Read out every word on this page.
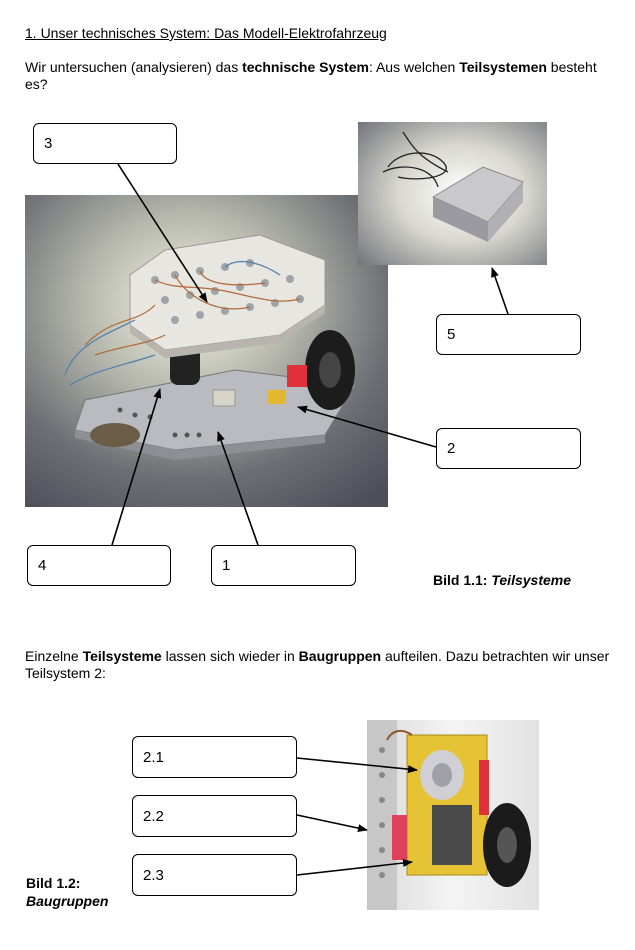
1. Unser technisches System: Das Modell-Elektrofahrzeug
Wir untersuchen (analysieren) das technische System: Aus welchen Teilsystemen besteht es?
3
5
2
4	1
Bild 1.1: Teilsysteme
Einzelne Teilsysteme lassen sich wieder in Baugruppen aufteilen. Dazu betrachten wir unser Teilsystem 2:
2.1
2.2
2.3
Bild 1.2:
Baugruppen
